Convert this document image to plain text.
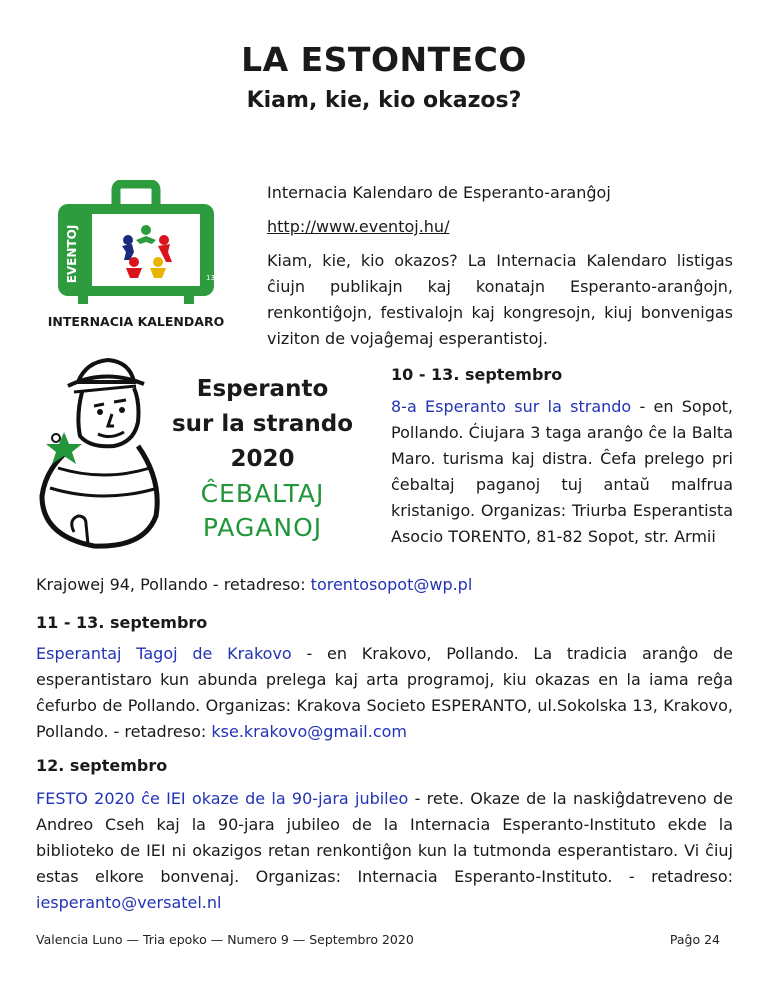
LA ESTONTECO
Kiam, kie, kio okazos?
EVENTOJ	13
INTERNACIA KALENDARO
Internacia Kalendaro de Esperanto-aranĝoj
http://www.eventoj.hu/
Kiam, kie, kio okazos? La Internacia Kalendaro listigas ĉiujn publikajn kaj konatajn Esperanto-aranĝojn, renkontiĝojn, festivalojn kaj kongresojn, kiuj bonvenigas viziton de vojaĝemaj esperantistoj.
Esperanto
sur la strando
2020
ĈEBALTAJ
PAGANOJ
10 - 13. septembro
8-a Esperanto sur la strando - en Sopot, Pollando. Ćiujara 3 taga aranĝo ĉe la Balta Maro. turisma kaj distra. Ĉefa prelego pri ĉebaltaj paganoj tuj antaŭ malfrua kristanigo. Organizas: Triurba Esperantista Asocio TORENTO, 81-82 Sopot, str. Armii
Krajowej 94, Pollando - retadreso: torentosopot@wp.pl
11 - 13. septembro
Esperantaj Tagoj de Krakovo - en Krakovo, Pollando. La tradicia aranĝo de esperantistaro kun abunda prelega kaj arta programoj, kiu okazas en la iama reĝa ĉefurbo de Pollando. Organizas: Krakova Societo ESPERANTO, ul.Sokolska 13, Krakovo, Pollando. - retadreso: kse.krakovo@gmail.com
12. septembro
FESTO 2020 ĉe IEI okaze de la 90-jara jubileo - rete. Okaze de la naskiĝdatreveno de Andreo Cseh kaj la 90-jara jubileo de la Internacia Esperanto-Instituto ekde la biblioteko de IEI ni okazigos retan renkontiĝon kun la tutmonda esperantistaro. Vi ĉiuj estas elkore bonvenaj. Organizas: Internacia Esperanto-Instituto. - retadreso: iesperanto@versatel.nl
Valencia Luno — Tria epoko — Numero 9 — Septembro 2020	Paĝo 24
